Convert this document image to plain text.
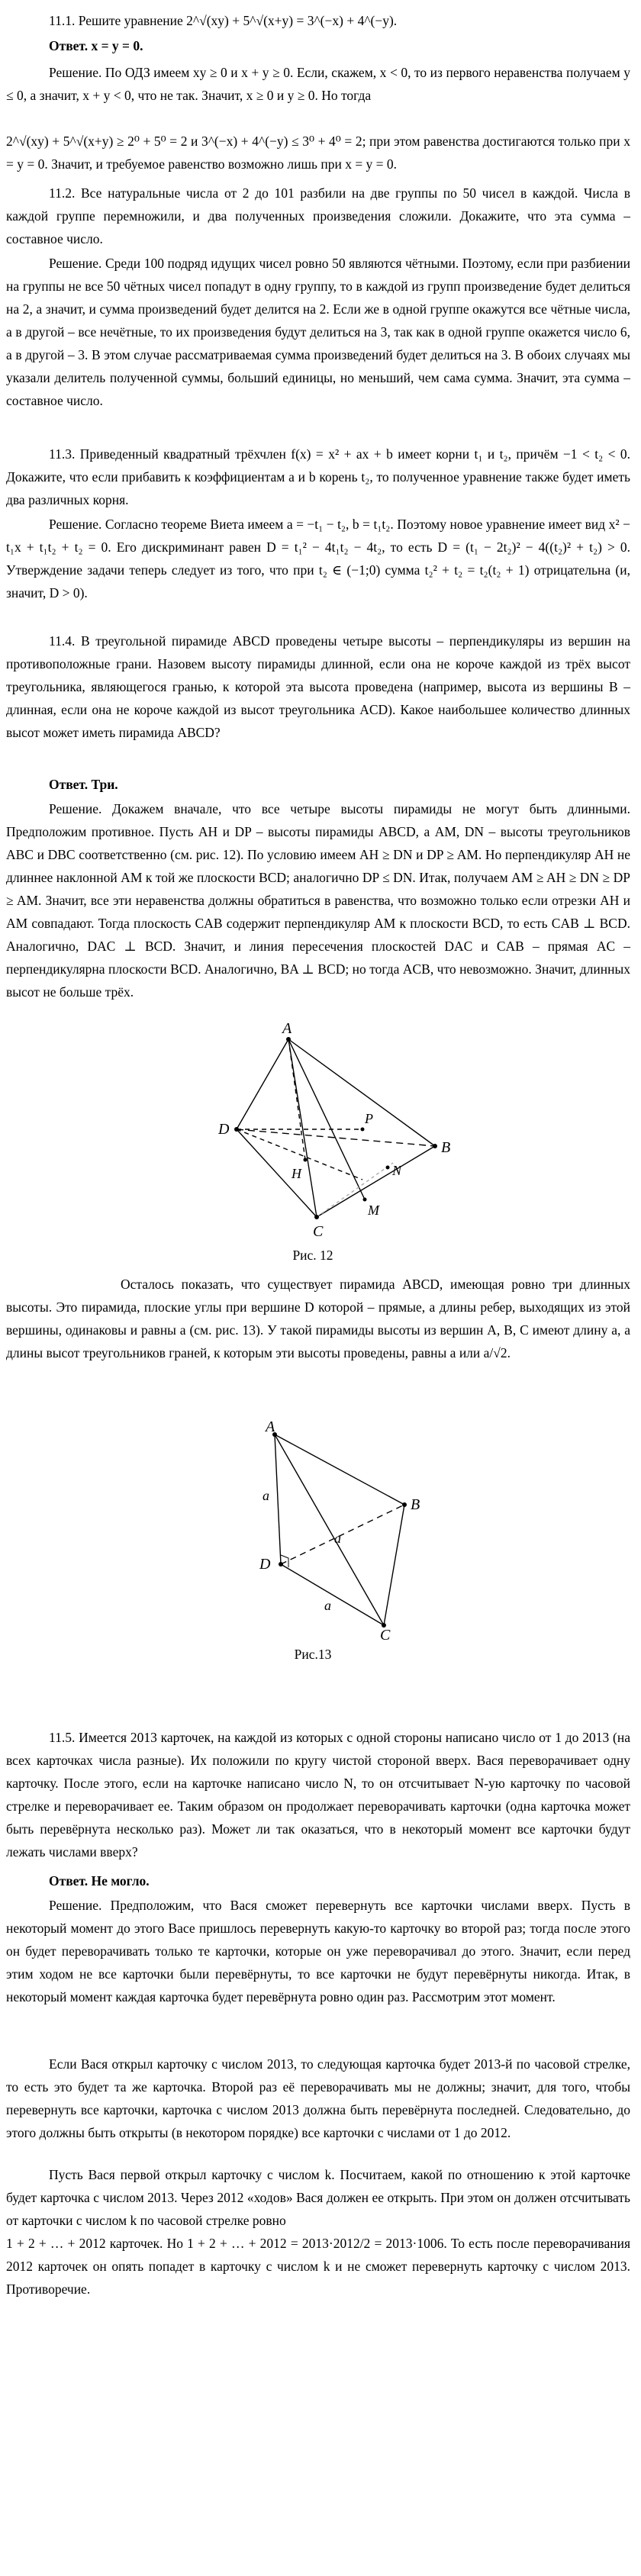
11.1. Решите уравнение 2^√(xy) + 5^√(x+y) = 3^(−x) + 4^(−y).

Ответ. x = y = 0.

Решение. По ОДЗ имеем xy ≥ 0 и x + y ≥ 0. Если, скажем, x < 0, то из первого неравенства получаем y ≤ 0, а значит, x + y < 0, что не так. Значит, x ≥ 0 и y ≥ 0. Но тогда

2^√(xy) + 5^√(x+y) ≥ 2⁰ + 5⁰ = 2 и 3^(−x) + 4^(−y) ≤ 3⁰ + 4⁰ = 2; при этом равенства достигаются только при x = y = 0. Значит, и требуемое равенство возможно лишь при x = y = 0.

11.2. Все натуральные числа от 2 до 101 разбили на две группы по 50 чисел в каждой. Числа в каждой группе перемножили, и два полученных произведения сложили. Докажите, что эта сумма – составное число.

Решение. Среди 100 подряд идущих чисел ровно 50 являются чётными. Поэтому, если при разбиении на группы не все 50 чётных чисел попадут в одну группу, то в каждой из групп произведение будет делиться на 2, а значит, и сумма произведений будет делится на 2. Если же в одной группе окажутся все чётные числа, а в другой – все нечётные, то их произведения будут делиться на 3, так как в одной группе окажется число 6, а в другой – 3. В этом случае рассматриваемая сумма произведений будет делиться на 3. В обоих случаях мы указали делитель полученной суммы, больший единицы, но меньший, чем сама сумма. Значит, эта сумма – составное число.

11.3. Приведенный квадратный трёхчлен f(x) = x² + ax + b имеет корни t₁ и t₂, причём −1 < t₂ < 0. Докажите, что если прибавить к коэффициентам a и b корень t₂, то полученное уравнение также будет иметь два различных корня.

Решение. Согласно теореме Виета имеем a = −t₁ − t₂, b = t₁t₂. Поэтому новое уравнение имеет вид x² − t₁x + t₁t₂ + t₂ = 0. Его дискриминант равен D = t₁² − 4t₁t₂ − 4t₂, то есть D = (t₁ − 2t₂)² − 4((t₂)² + t₂) > 0. Утверждение задачи теперь следует из того, что при t₂ ∈ (−1;0) сумма t₂² + t₂ = t₂(t₂ + 1) отрицательна (и, значит, D > 0).

11.4. В треугольной пирамиде ABCD проведены четыре высоты – перпендикуляры из вершин на противоположные грани. Назовем высоту пирамиды длинной, если она не короче каждой из трёх высот треугольника, являющегося гранью, к которой эта высота проведена (например, высота из вершины B – длинная, если она не короче каждой из высот треугольника ACD). Какое наибольшее количество длинных высот может иметь пирамида ABCD?

Ответ. Три.

Решение. Докажем вначале, что все четыре высоты пирамиды не могут быть длинными. Предположим противное. Пусть AH и DP – высоты пирамиды ABCD, а AM, DN – высоты треугольников ABC и DBC соответственно (см. рис. 12). По условию имеем AH ≥ DN и DP ≥ AM. Но перпендикуляр AH не длиннее наклонной AM к той же плоскости BCD; аналогично DP ≤ DN. Итак, получаем AM ≥ AH ≥ DN ≥ DP ≥ AM. Значит, все эти неравенства должны обратиться в равенства, что возможно только если отрезки AH и AM совпадают. Тогда плоскость CAB содержит перпендикуляр AM к плоскости BCD, то есть CAB ⊥ BCD. Аналогично, DAC ⊥ BCD. Значит, и линия пересечения плоскостей DAC и CAB – прямая AC – перпендикулярна плоскости BCD. Аналогично, BA ⊥ BCD; но тогда ACB, что невозможно. Значит, длинных высот не больше трёх.

A
D
B
C
H
P
M
N
Рис. 12

Осталось показать, что существует пирамида ABCD, имеющая ровно три длинных высоты. Это пирамида, плоские углы при вершине D которой – прямые, а длины ребер, выходящих из этой вершины, одинаковы и равны a (см. рис. 13). У такой пирамиды высоты из вершин A, B, C имеют длину a, а длины высот треугольников граней, к которым эти высоты проведены, равны a или a/√2.

A
D
B
C
a
a
a
Рис.13

11.5. Имеется 2013 карточек, на каждой из которых с одной стороны написано число от 1 до 2013 (на всех карточках числа разные). Их положили по кругу чистой стороной вверх. Вася переворачивает одну карточку. После этого, если на карточке написано число N, то он отсчитывает N-ую карточку по часовой стрелке и переворачивает ее. Таким образом он продолжает переворачивать карточки (одна карточка может быть перевёрнута несколько раз). Может ли так оказаться, что в некоторый момент все карточки будут лежать числами вверх?

Ответ. Не могло.

Решение. Предположим, что Вася сможет перевернуть все карточки числами вверх. Пусть в некоторый момент до этого Васе пришлось перевернуть какую-то карточку во второй раз; тогда после этого он будет переворачивать только те карточки, которые он уже переворачивал до этого. Значит, если перед этим ходом не все карточки были перевёрнуты, то все карточки не будут перевёрнуты никогда. Итак, в некоторый момент каждая карточка будет перевёрнута ровно один раз. Рассмотрим этот момент.

Если Вася открыл карточку с числом 2013, то следующая карточка будет 2013-й по часовой стрелке, то есть это будет та же карточка. Второй раз её переворачивать мы не должны; значит, для того, чтобы перевернуть все карточки, карточка с числом 2013 должна быть перевёрнута последней. Следовательно, до этого должны быть открыты (в некотором порядке) все карточки с числами от 1 до 2012.

Пусть Вася первой открыл карточку с числом k. Посчитаем, какой по отношению к этой карточке будет карточка с числом 2013. Через 2012 «ходов» Вася должен ее открыть. При этом он должен отсчитывать от карточки с числом k по часовой стрелке ровно

1 + 2 + … + 2012 карточек. Но 1 + 2 + … + 2012 = 2013·2012/2 = 2013·1006. То есть после переворачивания 2012 карточек он опять попадет в карточку с числом k и не сможет перевернуть карточку с числом 2013. Противоречие.
